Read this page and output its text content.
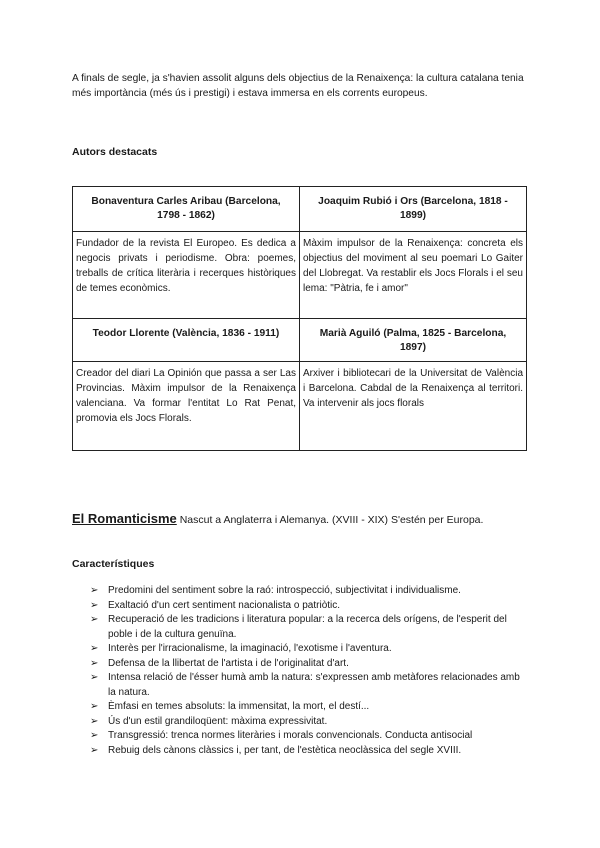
A finals de segle, ja s'havien assolit alguns dels objectius de la Renaixença: la cultura catalana tenia més importància (més ús i prestigi) i estava immersa en els corrents europeus.

Autors destacats
Bonaventura Carles Aribau (Barcelona, 1798 - 1862)	Joaquim Rubió i Ors (Barcelona, 1818 - 1899)

Fundador de la revista El Europeo. Es dedica a negocis privats i periodisme. Obra: poemes, treballs de crítica literària i recerques històriques de temes econòmics.	Màxim impulsor de la Renaixença: concreta els objectius del moviment al seu poemari Lo Gaiter del Llobregat. Va restablir els Jocs Florals i el seu lema: "Pàtria, fe i amor"

Teodor Llorente (València, 1836 - 1911)	Marià Aguiló (Palma, 1825 - Barcelona, 1897)

Creador del diari La Opinión que passa a ser Las Provincias. Màxim impulsor de la Renaixença valenciana. Va formar l'entitat Lo Rat Penat, promovia els Jocs Florals.	Arxiver i bibliotecari de la Universitat de València i Barcelona. Cabdal de la Renaixença al territori. Va intervenir als jocs florals
El Romanticisme Nascut a Anglaterra i Alemanya. (XVIII - XIX) S'estén per Europa.
Característiques
➢ Predomini del sentiment sobre la raó: introspecció, subjectivitat i individualisme.
➢ Exaltació d'un cert sentiment nacionalista o patriòtic.
➢ Recuperació de les tradicions i literatura popular: a la recerca dels orígens, de l'esperit del poble i de la cultura genuïna.
➢ Interès per l'irracionalisme, la imaginació, l'exotisme i l'aventura.
➢ Defensa de la llibertat de l'artista i de l'originalitat d'art.
➢ Intensa relació de l'ésser humà amb la natura: s'expressen amb metàfores relacionades amb la natura.
➢ Èmfasi en temes absoluts: la immensitat, la mort, el destí...
➢ Ús d'un estil grandiloqüent: màxima expressivitat.
➢ Transgressió: trenca normes literàries i morals convencionals. Conducta antisocial
➢ Rebuig dels cànons clàssics i, per tant, de l'estètica neoclàssica del segle XVIII.
